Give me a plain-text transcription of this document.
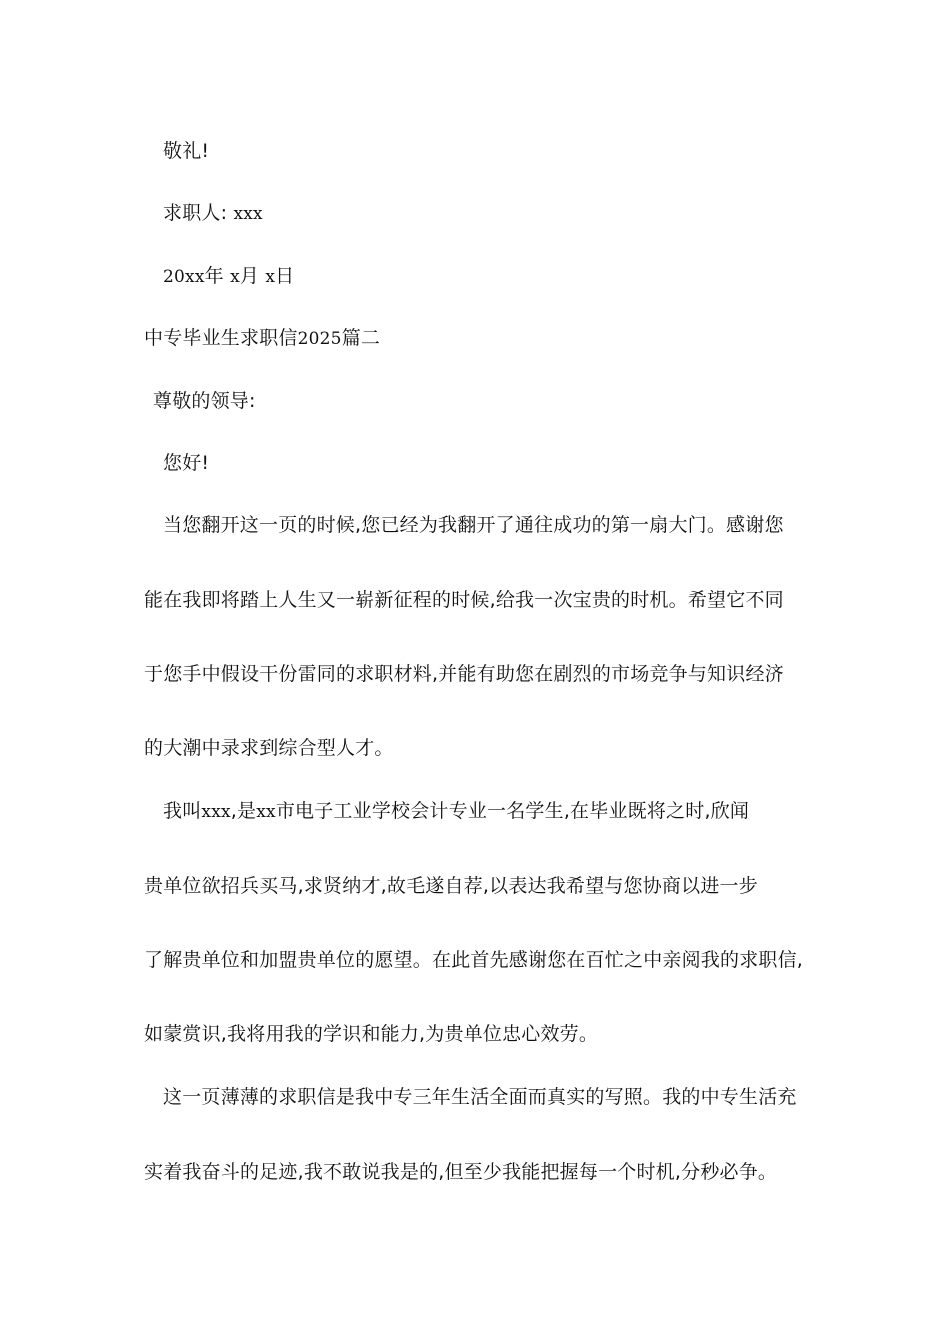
敬礼!
求职人: xxx
20xx年 x月 x日
中专毕业生求职信2025篇二
尊敬的领导:
您好!
当您翻开这一页的时候,您已经为我翻开了通往成功的第一扇大门。感谢您
能在我即将踏上人生又一崭新征程的时候,给我一次宝贵的时机。希望它不同
于您手中假设干份雷同的求职材料,并能有助您在剧烈的市场竞争与知识经济
的大潮中录求到综合型人才。
我叫xxx,是xx市电子工业学校会计专业一名学生,在毕业既将之时,欣闻
贵单位欲招兵买马,求贤纳才,故毛遂自荐,以表达我希望与您协商以进一步
了解贵单位和加盟贵单位的愿望。在此首先感谢您在百忙之中亲阅我的求职信,
如蒙赏识,我将用我的学识和能力,为贵单位忠心效劳。
这一页薄薄的求职信是我中专三年生活全面而真实的写照。我的中专生活充
实着我奋斗的足迹,我不敢说我是的,但至少我能把握每一个时机,分秒必争。
